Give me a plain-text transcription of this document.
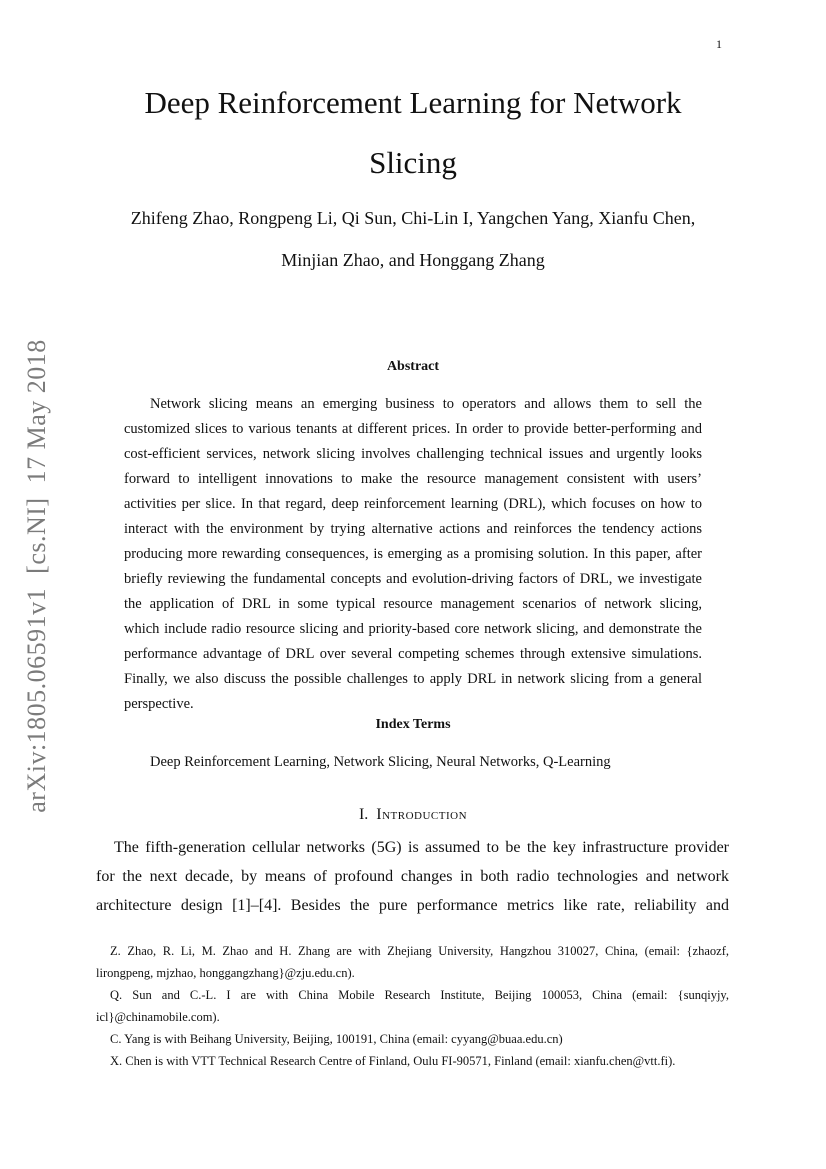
1
arXiv:1805.06591v1  [cs.NI]  17 May 2018
Deep Reinforcement Learning for Network
Slicing
Zhifeng Zhao, Rongpeng Li, Qi Sun, Chi-Lin I, Yangchen Yang, Xianfu Chen,
Minjian Zhao, and Honggang Zhang
Abstract
Network slicing means an emerging business to operators and allows them to sell the customized slices to various tenants at different prices. In order to provide better-performing and cost-efficient services, network slicing involves challenging technical issues and urgently looks forward to intelligent innovations to make the resource management consistent with users’ activities per slice. In that regard, deep reinforcement learning (DRL), which focuses on how to interact with the environment by trying alternative actions and reinforces the tendency actions producing more rewarding consequences, is emerging as a promising solution. In this paper, after briefly reviewing the fundamental concepts and evolution-driving factors of DRL, we investigate the application of DRL in some typical resource management scenarios of network slicing, which include radio resource slicing and priority-based core network slicing, and demonstrate the performance advantage of DRL over several competing schemes through extensive simulations. Finally, we also discuss the possible challenges to apply DRL in network slicing from a general perspective.
Index Terms
Deep Reinforcement Learning, Network Slicing, Neural Networks, Q-Learning
I. Introduction
The fifth-generation cellular networks (5G) is assumed to be the key infrastructure provider for the next decade, by means of profound changes in both radio technologies and network architecture design [1]–[4]. Besides the pure performance metrics like rate, reliability and

Z. Zhao, R. Li, M. Zhao and H. Zhang are with Zhejiang University, Hangzhou 310027, China, (email: {zhaozf, lirongpeng, mjzhao, honggangzhang}@zju.edu.cn).

Q. Sun and C.-L. I are with China Mobile Research Institute, Beijing 100053, China (email: {sunqiyjy, icl}@chinamobile.com).

C. Yang is with Beihang University, Beijing, 100191, China (email: cyyang@buaa.edu.cn)

X. Chen is with VTT Technical Research Centre of Finland, Oulu FI-90571, Finland (email: xianfu.chen@vtt.fi).
